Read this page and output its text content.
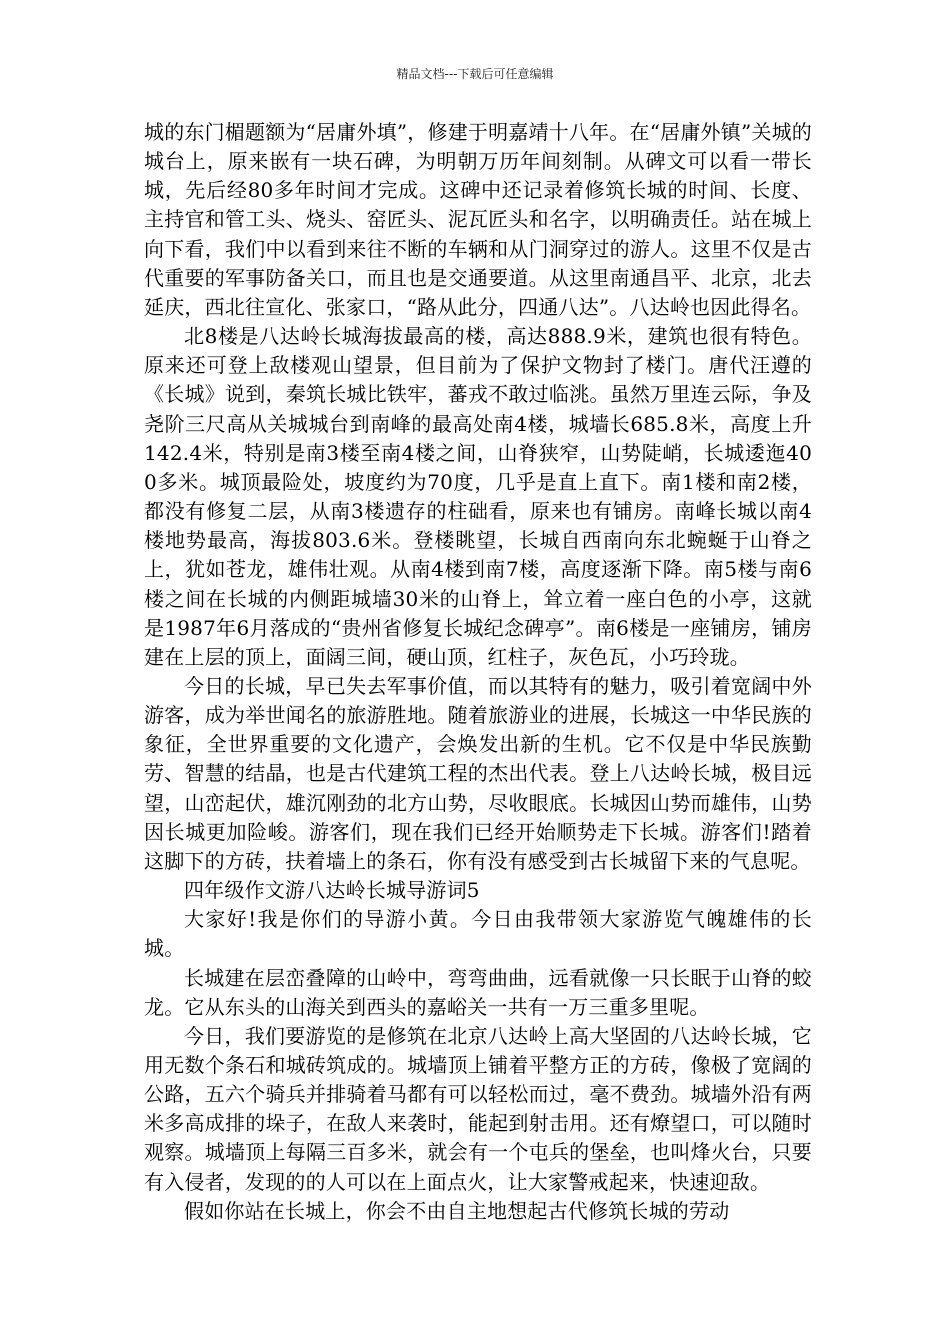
精品文档---下载后可任意编辑

城的东门楣题额为“居庸外填”，修建于明嘉靖十八年。在“居庸外镇”关城的城台上，原来嵌有一块石碑，为明朝万历年间刻制。从碑文可以看一带长城，先后经80多年时间才完成。这碑中还记录着修筑长城的时间、长度、主持官和管工头、烧头、窑匠头、泥瓦匠头和名字，以明确责任。站在城上向下看，我们中以看到来往不断的车辆和从门洞穿过的游人。这里不仅是古代重要的军事防备关口，而且也是交通要道。从这里南通昌平、北京，北去延庆，西北往宣化、张家口，“路从此分，四通八达”。八达岭也因此得名。

北8楼是八达岭长城海拔最高的楼，高达888.9米，建筑也很有特色。原来还可登上敌楼观山望景，但目前为了保护文物封了楼门。唐代汪遵的《长城》说到，秦筑长城比铁牢，蕃戎不敢过临洮。虽然万里连云际，争及尧阶三尺高从关城城台到南峰的最高处南4楼，城墙长685.8米，高度上升142.4米，特别是南3楼至南4楼之间，山脊狭窄，山势陡峭，长城逶迤400多米。城顶最险处，坡度约为70度，几乎是直上直下。南1楼和南2楼，都没有修复二层，从南3楼遗存的柱础看，原来也有铺房。南峰长城以南4楼地势最高，海拔803.6米。登楼眺望，长城自西南向东北蜿蜒于山脊之上，犹如苍龙，雄伟壮观。从南4楼到南7楼，高度逐渐下降。南5楼与南6楼之间在长城的内侧距城墙30米的山脊上，耸立着一座白色的小亭，这就是1987年6月落成的“贵州省修复长城纪念碑亭”。南6楼是一座铺房，铺房建在上层的顶上，面阔三间，硬山顶，红柱子，灰色瓦，小巧玲珑。

今日的长城，早已失去军事价值，而以其特有的魅力，吸引着宽阔中外游客，成为举世闻名的旅游胜地。随着旅游业的进展，长城这一中华民族的象征，全世界重要的文化遗产，会焕发出新的生机。它不仅是中华民族勤劳、智慧的结晶，也是古代建筑工程的杰出代表。登上八达岭长城，极目远望，山峦起伏，雄沉刚劲的北方山势，尽收眼底。长城因山势而雄伟，山势因长城更加险峻。游客们，现在我们已经开始顺势走下长城。游客们!踏着这脚下的方砖，扶着墙上的条石，你有没有感受到古长城留下来的气息呢。

四年级作文游八达岭长城导游词5

大家好!我是你们的导游小黄。今日由我带领大家游览气魄雄伟的长城。

长城建在层峦叠障的山岭中，弯弯曲曲，远看就像一只长眠于山脊的蛟龙。它从东头的山海关到西头的嘉峪关一共有一万三重多里呢。

今日，我们要游览的是修筑在北京八达岭上高大坚固的八达岭长城，它用无数个条石和城砖筑成的。城墙顶上铺着平整方正的方砖，像极了宽阔的公路，五六个骑兵并排骑着马都有可以轻松而过，毫不费劲。城墙外沿有两米多高成排的垛子，在敌人来袭时，能起到射击用。还有燎望口，可以随时观察。城墙顶上每隔三百多米，就会有一个屯兵的堡垒，也叫烽火台，只要有入侵者，发现的的人可以在上面点火，让大家警戒起来，快速迎敌。

假如你站在长城上，你会不由自主地想起古代修筑长城的劳动
